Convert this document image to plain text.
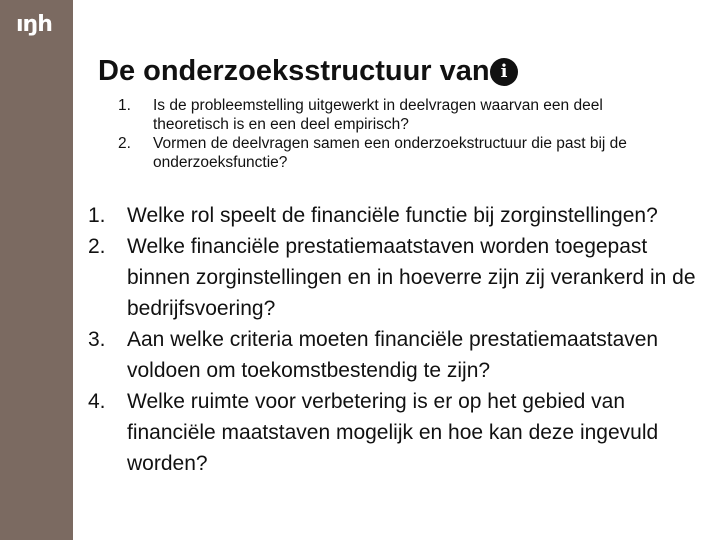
ıŋh
De onderzoeksstructuur van i
1. Is de probleemstelling uitgewerkt in deelvragen waarvan een deel theoretisch is en een deel empirisch?
2. Vormen de deelvragen samen een onderzoekstructuur die past bij de onderzoeksfunctie?
1. Welke rol speelt de financiële functie bij zorginstellingen?
2. Welke financiële prestatiemaatstaven worden toegepast binnen zorginstellingen en in hoeverre zijn zij verankerd in de bedrijfsvoering?
3. Aan welke criteria moeten financiële prestatiemaatstaven voldoen om toekomstbestendig te zijn?
4. Welke ruimte voor verbetering is er op het gebied van financiële maatstaven mogelijk en hoe kan deze ingevuld worden?
